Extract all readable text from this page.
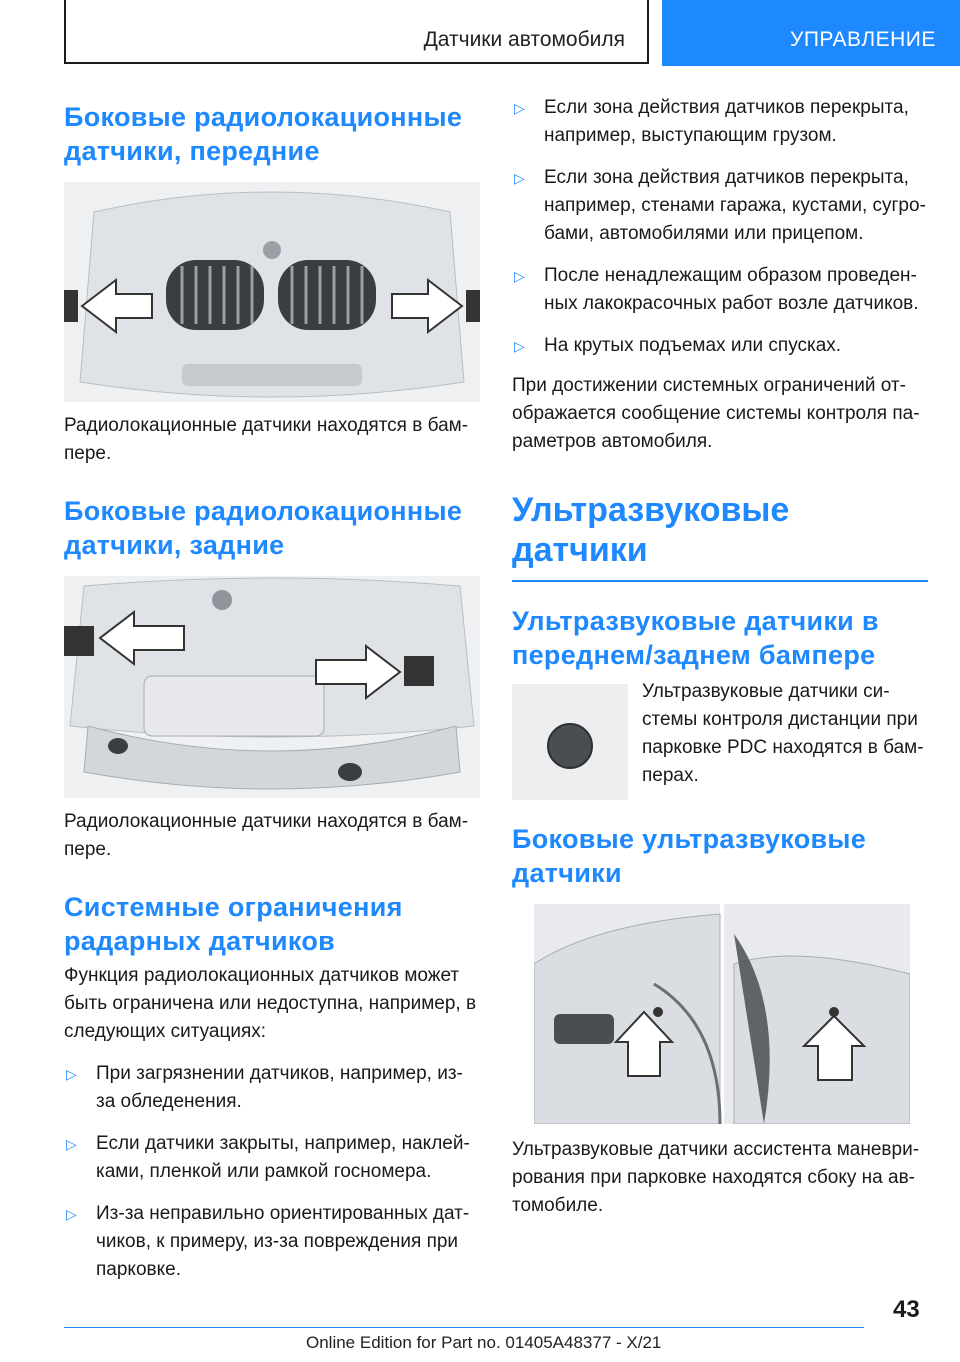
Датчики автомобиля	УПРАВЛЕНИЕ
Боковые радиолокационные датчики, передние

Радиолокационные датчики находятся в бампере.

Боковые радиолокационные датчики, задние

Радиолокационные датчики находятся в бампере.

Системные ограничения радарных датчиков

Функция радиолокационных датчиков может быть ограничена или недоступна, например, в следующих ситуациях:

▷	При загрязнении датчиков, например, из-за обледенения.
▷	Если датчики закрыты, например, наклейками, пленкой или рамкой госномера.
▷	Из-за неправильно ориентированных датчиков, к примеру, из-за повреждения при парковке.
▷	Если зона действия датчиков перекрыта, например, выступающим грузом.
▷	Если зона действия датчиков перекрыта, например, стенами гаража, кустами, сугробами, автомобилями или прицепом.
▷	После ненадлежащим образом проведенных лакокрасочных работ возле датчиков.
▷	На крутых подъемах или спусках.

При достижении системных ограничений отображается сообщение системы контроля параметров автомобиля.

Ультразвуковые датчики
Ультразвуковые датчики в переднем/заднем бампере

Ультразвуковые датчики системы контроля дистанции при парковке PDC находятся в бамперах.

Боковые ультразвуковые датчики

Ультразвуковые датчики ассистента маневрирования при парковке находятся сбоку на автомобиле.

43
Online Edition for Part no. 01405A48377 - X/21
